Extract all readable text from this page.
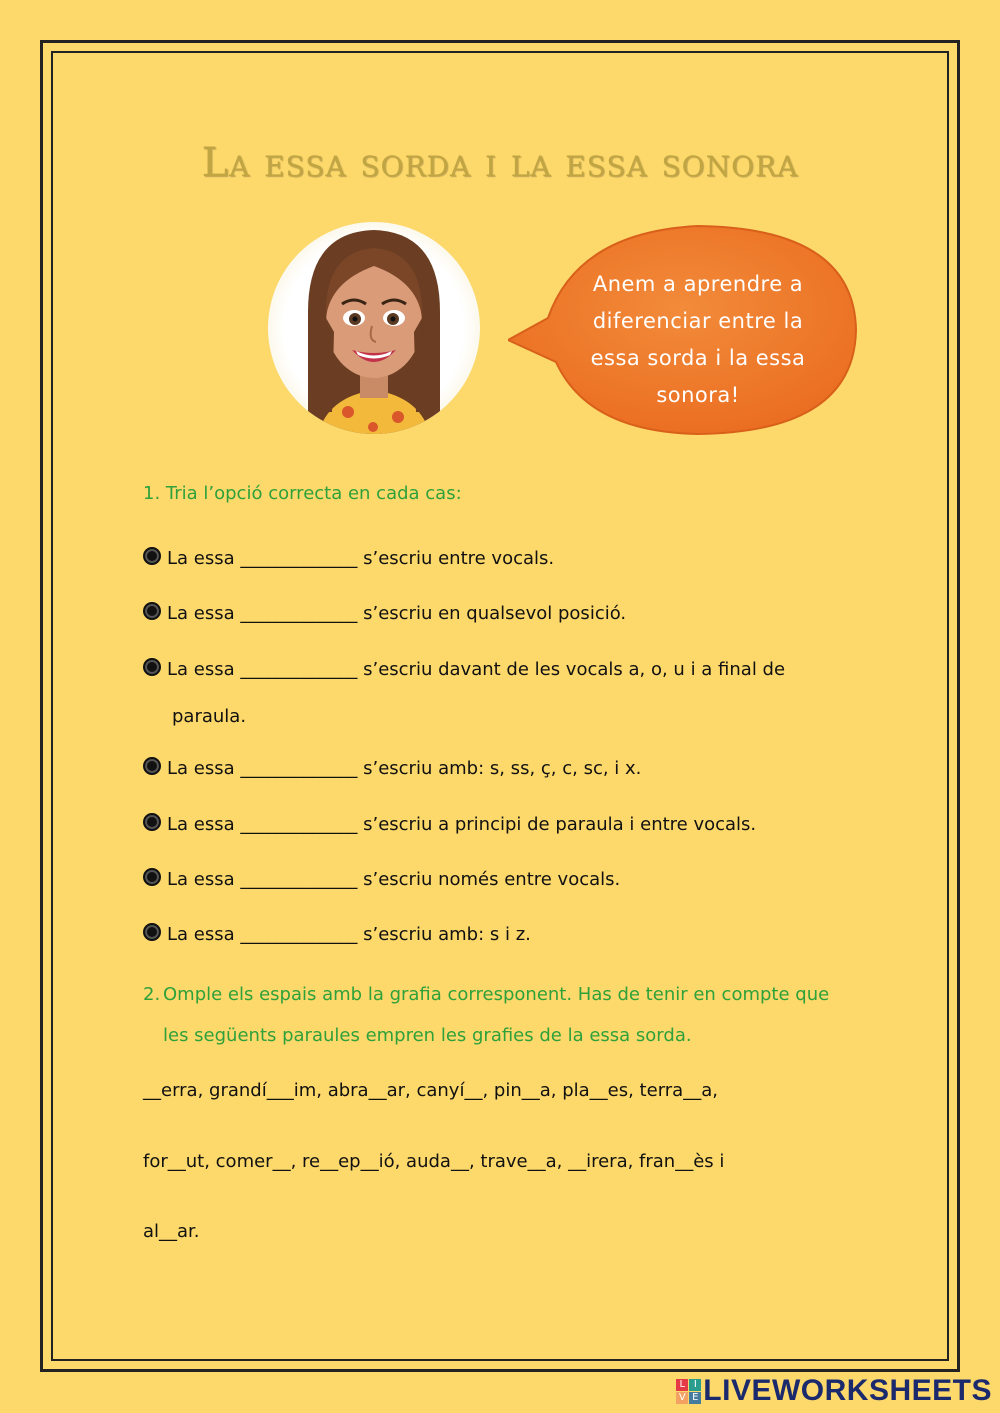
La essa sorda i la essa sonora
Anem a aprendre a
diferenciar entre la
essa sorda i la essa
sonora!
1. Tria l’opció correcta en cada cas:
La essa _____________ s’escriu entre vocals.
La essa _____________ s’escriu en qualsevol posició.
La essa _____________ s’escriu davant de les vocals a, o, u i a final de
paraula.
La essa _____________ s’escriu amb: s, ss, ç, c, sc, i x.
La essa _____________ s’escriu a principi de paraula i entre vocals.
La essa _____________ s’escriu només entre vocals.
La essa _____________ s’escriu amb: s i z.
2. Omple els espais amb la grafia corresponent. Has de tenir en compte que
les següents paraules empren les grafies de la essa sorda.
__erra, grandí___im, abra__ar, canyí__, pin__a, pla__es, terra__a,
for__ut, comer__, re__ep__ió, auda__, trave__a, __irera, fran__ès i
al__ar.
L I
V E LIVEWORKSHEETS
